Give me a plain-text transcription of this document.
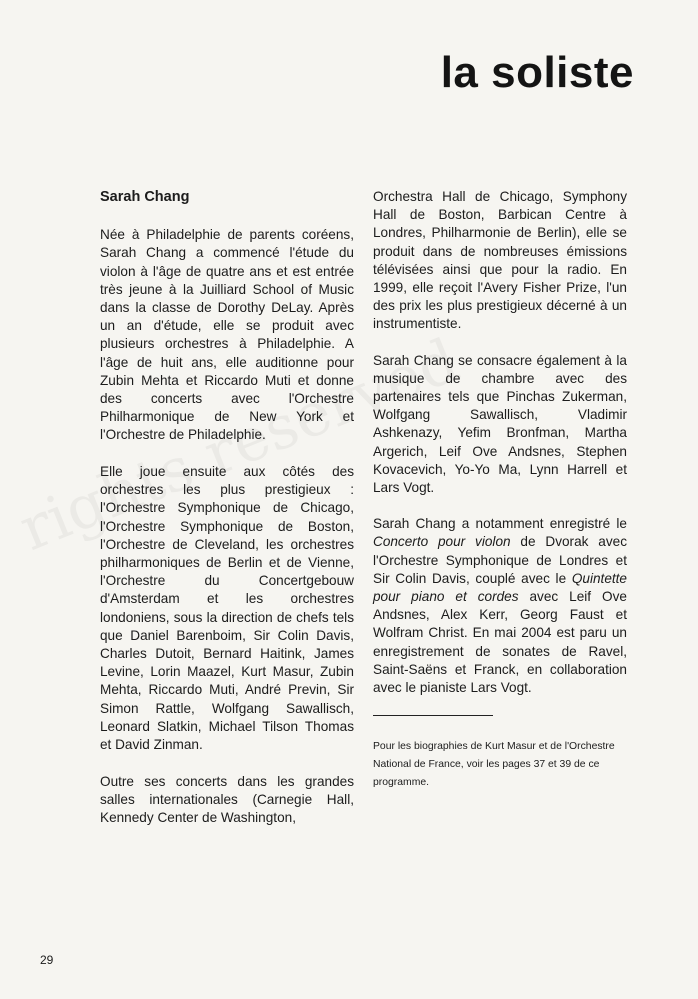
la soliste
Sarah Chang

Née à Philadelphie de parents coréens, Sarah Chang a commencé l'étude du violon à l'âge de quatre ans et est entrée très jeune à la Juilliard School of Music dans la classe de Dorothy DeLay. Après un an d'étude, elle se produit avec plusieurs orchestres à Philadelphie. A l'âge de huit ans, elle auditionne pour Zubin Mehta et Riccardo Muti et donne des concerts avec l'Orchestre Philharmonique de New York et l'Orchestre de Philadelphie.

Elle joue ensuite aux côtés des orchestres les plus prestigieux : l'Orchestre Symphonique de Chicago, l'Orchestre Symphonique de Boston, l'Orchestre de Cleveland, les orchestres philharmoniques de Berlin et de Vienne, l'Orchestre du Concertgebouw d'Amsterdam et les orchestres londoniens, sous la direction de chefs tels que Daniel Barenboim, Sir Colin Davis, Charles Dutoit, Bernard Haitink, James Levine, Lorin Maazel, Kurt Masur, Zubin Mehta, Riccardo Muti, André Previn, Sir Simon Rattle, Wolfgang Sawallisch, Leonard Slatkin, Michael Tilson Thomas et David Zinman.

Outre ses concerts dans les grandes salles internationales (Carnegie Hall, Kennedy Center de Washington,

Orchestra Hall de Chicago, Symphony Hall de Boston, Barbican Centre à Londres, Philharmonie de Berlin), elle se produit dans de nombreuses émissions télévisées ainsi que pour la radio. En 1999, elle reçoit l'Avery Fisher Prize, l'un des prix les plus prestigieux décerné à un instrumentiste.

Sarah Chang se consacre également à la musique de chambre avec des partenaires tels que Pinchas Zukerman, Wolfgang Sawallisch, Vladimir Ashkenazy, Yefim Bronfman, Martha Argerich, Leif Ove Andsnes, Stephen Kovacevich, Yo-Yo Ma, Lynn Harrell et Lars Vogt.

Sarah Chang a notamment enregistré le Concerto pour violon de Dvorak avec l'Orchestre Symphonique de Londres et Sir Colin Davis, couplé avec le Quintette pour piano et cordes avec Leif Ove Andsnes, Alex Kerr, Georg Faust et Wolfram Christ. En mai 2004 est paru un enregistrement de sonates de Ravel, Saint-Saëns et Franck, en collaboration avec le pianiste Lars Vogt.

Pour les biographies de Kurt Masur et de l'Orchestre National de France, voir les pages 37 et 39 de ce programme.

29
